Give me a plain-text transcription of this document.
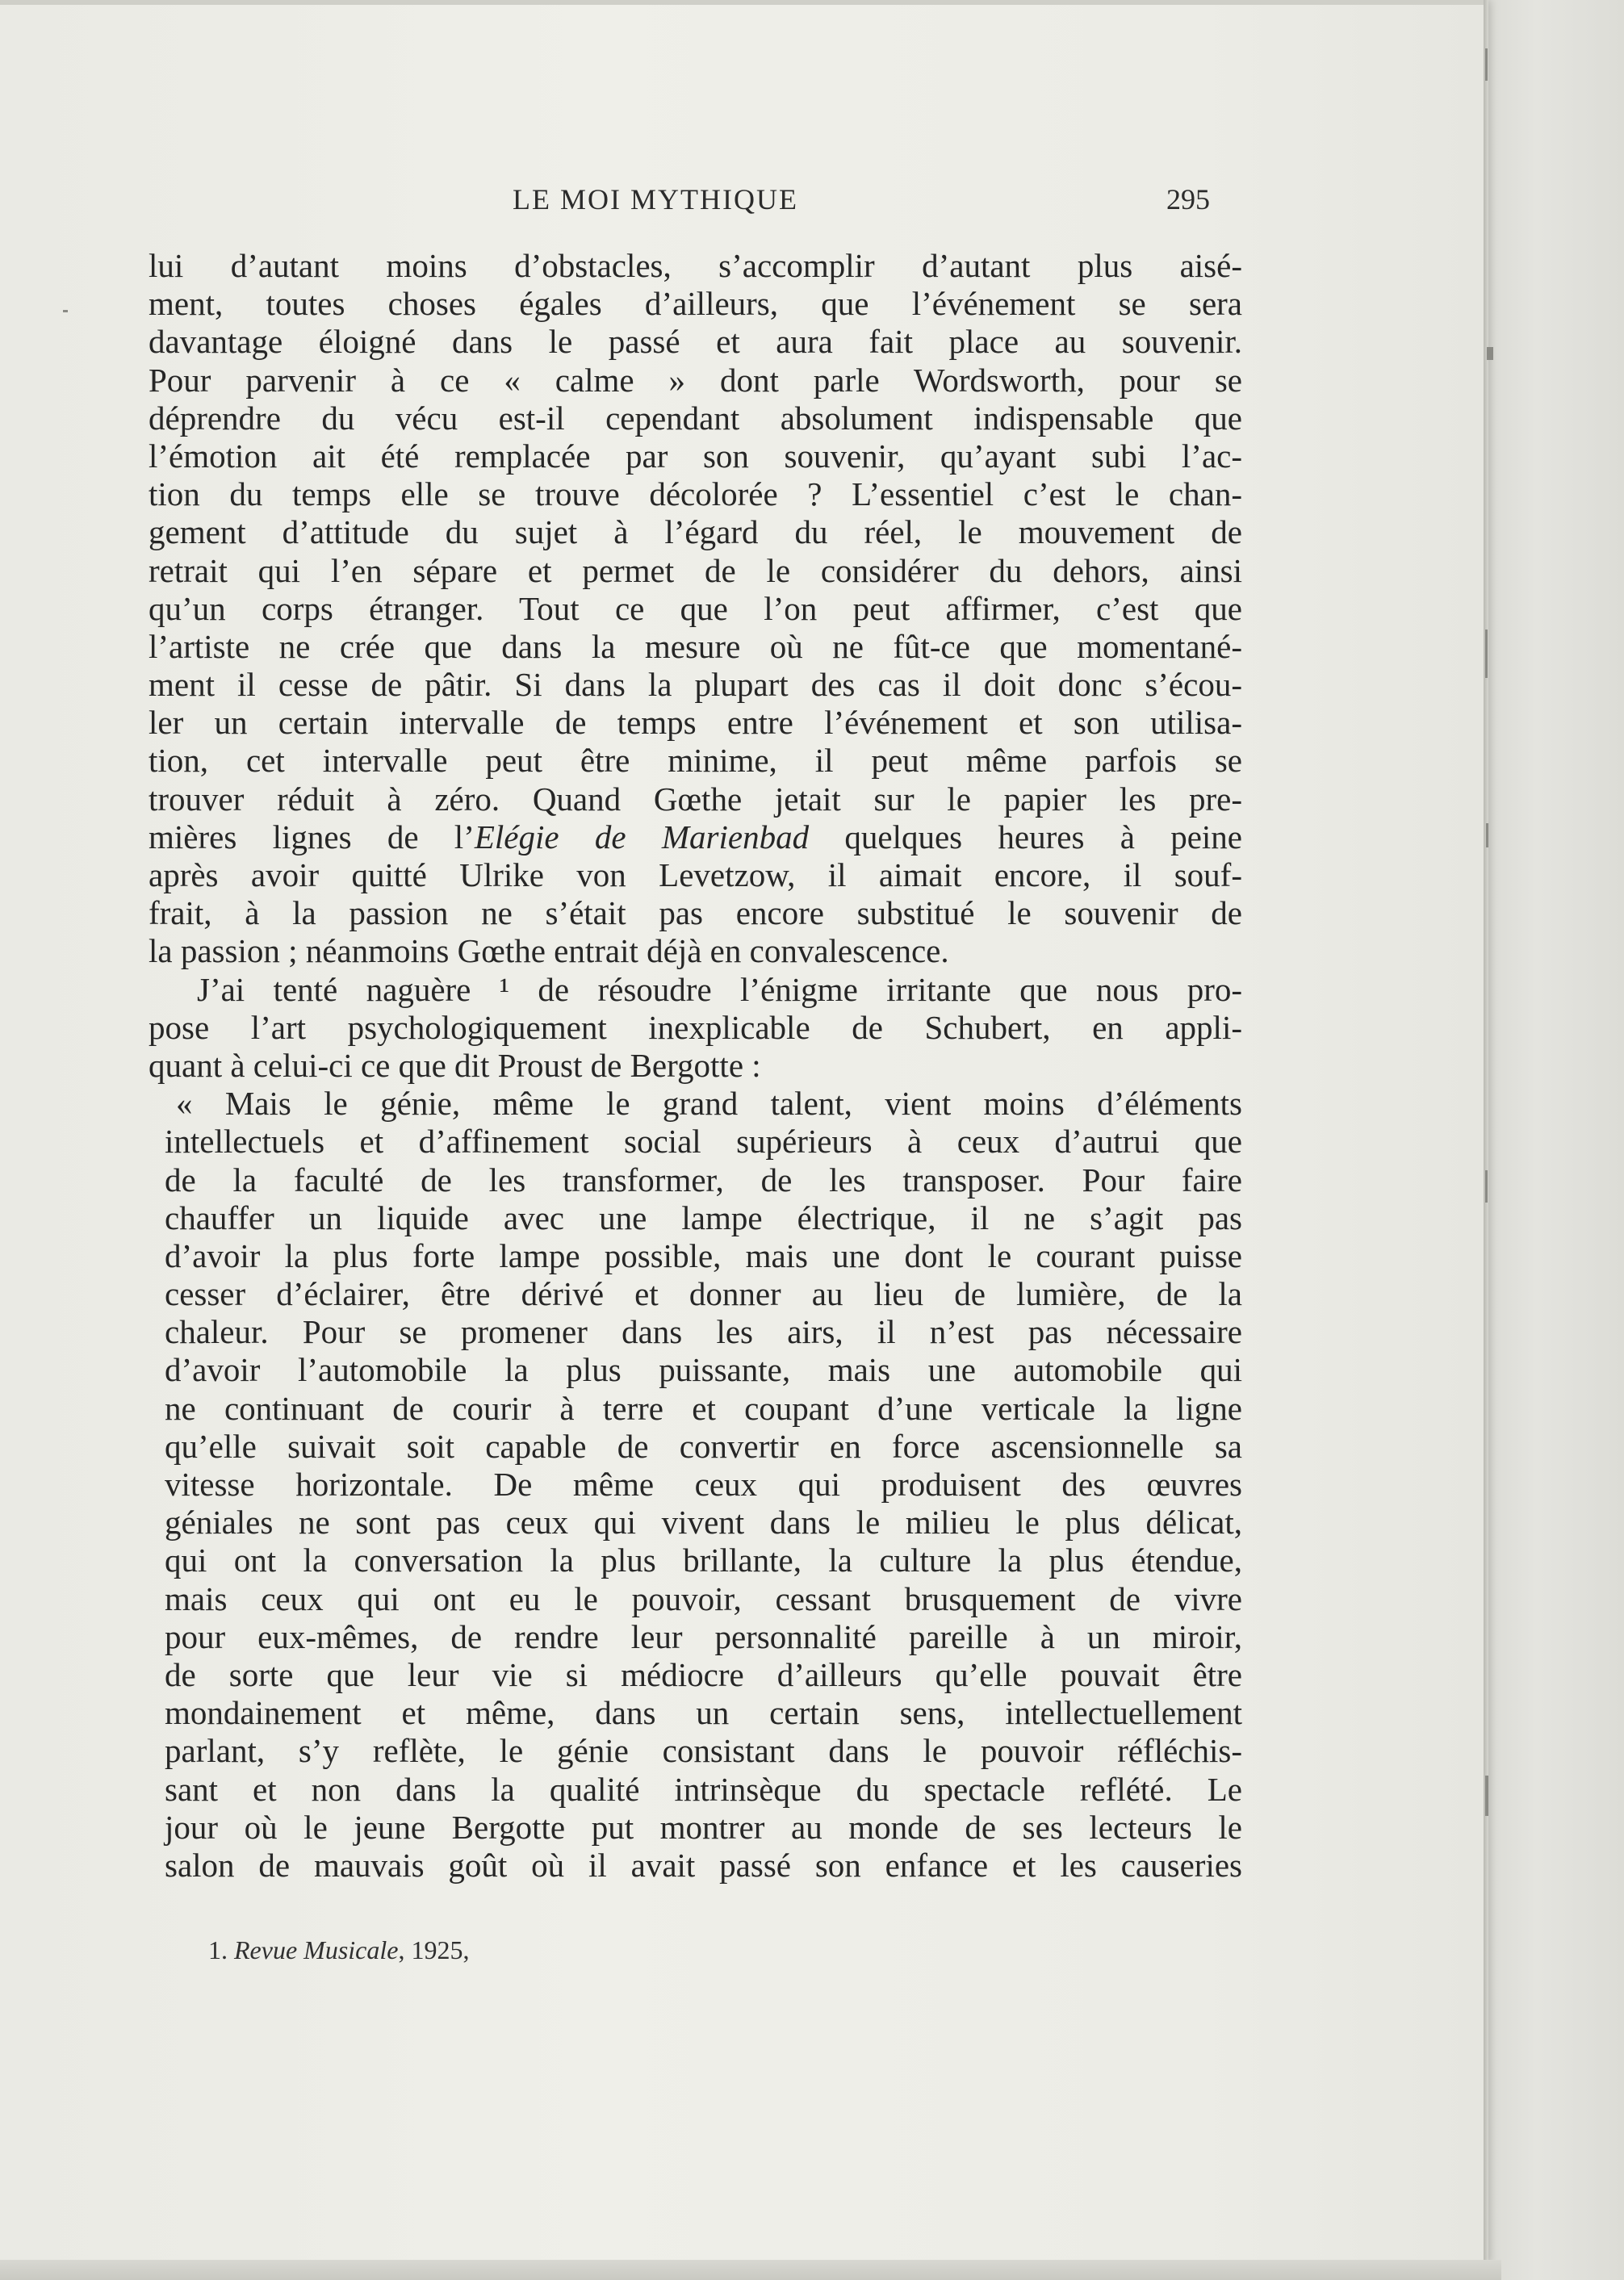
LE MOI MYTHIQUE	295
lui d’autant moins d’obstacles, s’accomplir d’autant plus aisé-
ment, toutes choses égales d’ailleurs, que l’événement se sera
davantage éloigné dans le passé et aura fait place au souvenir.
Pour parvenir à ce « calme » dont parle Wordsworth, pour se
déprendre du vécu est-il cependant absolument indispensable que
l’émotion ait été remplacée par son souvenir, qu’ayant subi l’ac-
tion du temps elle se trouve décolorée ? L’essentiel c’est le chan-
gement d’attitude du sujet à l’égard du réel, le mouvement de
retrait qui l’en sépare et permet de le considérer du dehors, ainsi
qu’un corps étranger. Tout ce que l’on peut affirmer, c’est que
l’artiste ne crée que dans la mesure où ne fût-ce que momentané-
ment il cesse de pâtir. Si dans la plupart des cas il doit donc s’écou-
ler un certain intervalle de temps entre l’événement et son utilisa-
tion, cet intervalle peut être minime, il peut même parfois se
trouver réduit à zéro. Quand Gœthe jetait sur le papier les pre-
mières lignes de l’Elégie de Marienbad quelques heures à peine
après avoir quitté Ulrike von Levetzow, il aimait encore, il souf-
frait, à la passion ne s’était pas encore substitué le souvenir de
la passion ; néanmoins Gœthe entrait déjà en convalescence.
J’ai tenté naguère ¹ de résoudre l’énigme irritante que nous pro-
pose l’art psychologiquement inexplicable de Schubert, en appli-
quant à celui-ci ce que dit Proust de Bergotte :
« Mais le génie, même le grand talent, vient moins d’éléments
intellectuels et d’affinement social supérieurs à ceux d’autrui que
de la faculté de les transformer, de les transposer. Pour faire
chauffer un liquide avec une lampe électrique, il ne s’agit pas
d’avoir la plus forte lampe possible, mais une dont le courant puisse
cesser d’éclairer, être dérivé et donner au lieu de lumière, de la
chaleur. Pour se promener dans les airs, il n’est pas nécessaire
d’avoir l’automobile la plus puissante, mais une automobile qui
ne continuant de courir à terre et coupant d’une verticale la ligne
qu’elle suivait soit capable de convertir en force ascensionnelle sa
vitesse horizontale. De même ceux qui produisent des œuvres
géniales ne sont pas ceux qui vivent dans le milieu le plus délicat,
qui ont la conversation la plus brillante, la culture la plus étendue,
mais ceux qui ont eu le pouvoir, cessant brusquement de vivre
pour eux-mêmes, de rendre leur personnalité pareille à un miroir,
de sorte que leur vie si médiocre d’ailleurs qu’elle pouvait être
mondainement et même, dans un certain sens, intellectuellement
parlant, s’y reflète, le génie consistant dans le pouvoir réfléchis-
sant et non dans la qualité intrinsèque du spectacle reflété. Le
jour où le jeune Bergotte put montrer au monde de ses lecteurs le
salon de mauvais goût où il avait passé son enfance et les causeries
1. Revue Musicale, 1925,
